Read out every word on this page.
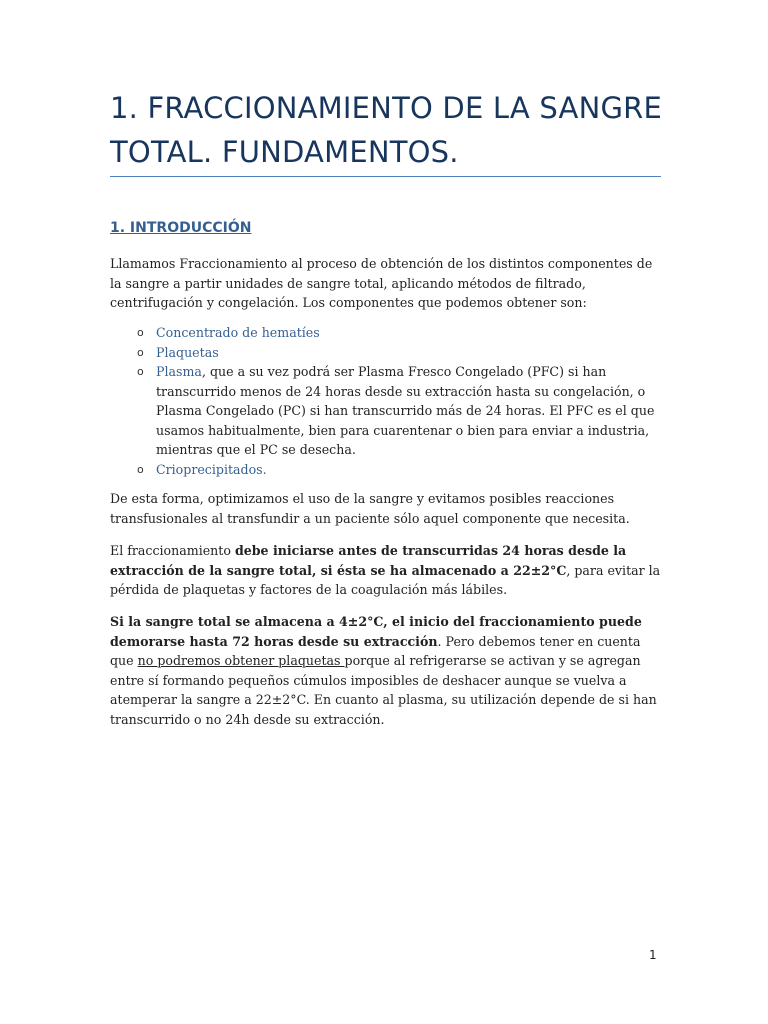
1. FRACCIONAMIENTO DE LA SANGRE TOTAL. FUNDAMENTOS.
1. INTRODUCCIÓN

Llamamos Fraccionamiento al proceso de obtención de los distintos componentes de la sangre a partir unidades de sangre total, aplicando métodos de filtrado, centrifugación y congelación. Los componentes que podemos obtener son:

o Concentrado de hematíes
o Plaquetas
o Plasma, que a su vez podrá ser Plasma Fresco Congelado (PFC) si han transcurrido menos de 24 horas desde su extracción hasta su congelación, o Plasma Congelado (PC) si han transcurrido más de 24 horas. El PFC es el que usamos habitualmente, bien para cuarentenar o bien para enviar a industria, mientras que el PC se desecha.
o Crioprecipitados.

De esta forma, optimizamos el uso de la sangre y evitamos posibles reacciones transfusionales al transfundir a un paciente sólo aquel componente que necesita.

El fraccionamiento debe iniciarse antes de transcurridas 24 horas desde la extracción de la sangre total, si ésta se ha almacenado a 22±2°C, para evitar la pérdida de plaquetas y factores de la coagulación más lábiles.

Si la sangre total se almacena a 4±2°C, el inicio del fraccionamiento puede demorarse hasta 72 horas desde su extracción. Pero debemos tener en cuenta que no podremos obtener plaquetas porque al refrigerarse se activan y se agregan entre sí formando pequeños cúmulos imposibles de deshacer aunque se vuelva a atemperar la sangre a 22±2°C. En cuanto al plasma, su utilización depende de si han transcurrido o no 24h desde su extracción.

1
